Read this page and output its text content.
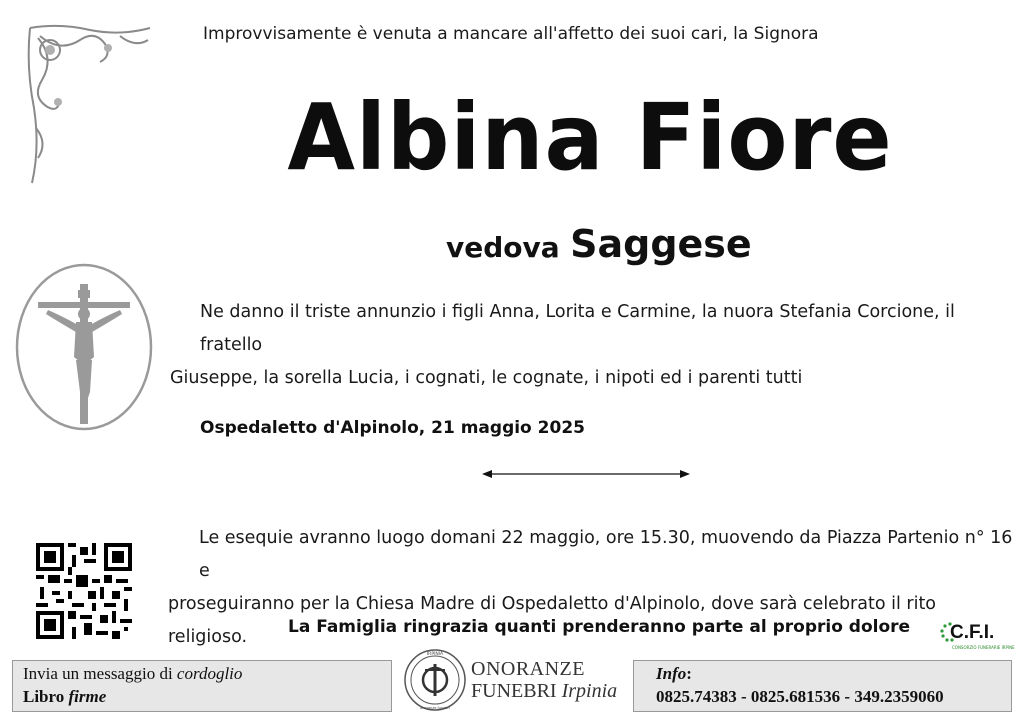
Improvvisamente è venuta a mancare all'affetto dei suoi cari, la Signora
Albina Fiore
vedova Saggese
Ne danno il triste annunzio i figli Anna, Lorita e Carmine, la nuora Stefania Corcione, il fratello
Giuseppe, la sorella Lucia, i cognati, le cognate, i nipoti ed i parenti tutti
Ospedaletto d'Alpinolo, 21 maggio 2025
Le esequie avranno luogo domani 22 maggio, ore 15.30, muovendo da Piazza Partenio n° 16 e
proseguiranno per la Chiesa Madre di Ospedaletto d'Alpinolo, dove sarà celebrato il rito religioso.	La Famiglia ringrazia quanti prenderanno parte al proprio dolore C.F.I.
CONSORZIO FUNERARIE IRPINE
Invia un messaggio di cordoglio
Libro firme
IRPINIA
onoranze funebri
ONORANZE
FUNEBRI Irpinia
Info:
0825.74383 - 0825.681536 - 349.2359060
